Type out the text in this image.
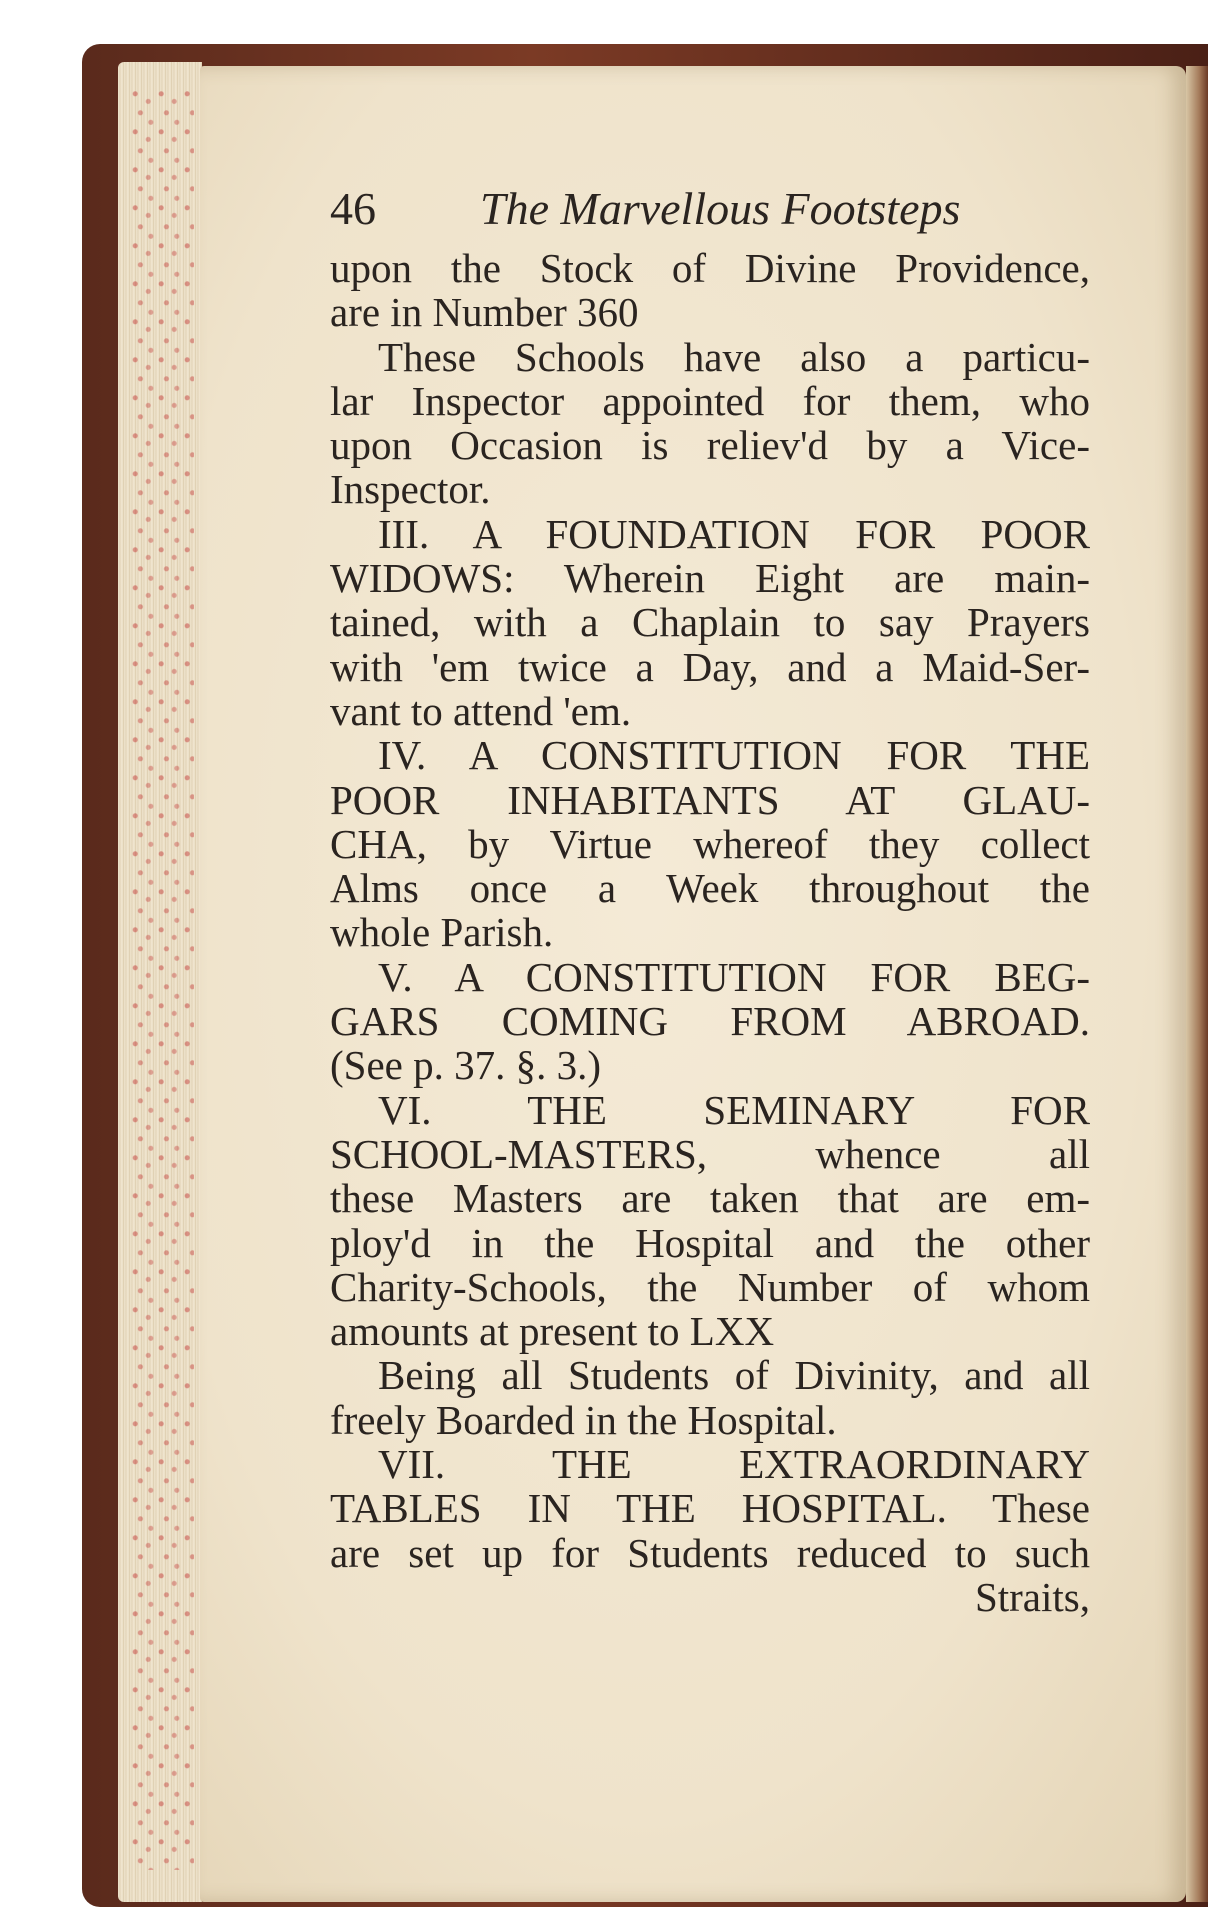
46	The Marvellous Footsteps
upon the Stock of Divine Providence,
are in Number 360
These Schools have also a particu-
lar Inspector appointed for them, who
upon Occasion is reliev'd by a Vice-
Inspector.
III. A FOUNDATION FOR POOR
WIDOWS: Wherein Eight are main-
tained, with a Chaplain to say Prayers
with 'em twice a Day, and a Maid-Ser-
vant to attend 'em.
IV. A CONSTITUTION FOR THE
POOR INHABITANTS AT GLAU-
CHA, by Virtue whereof they collect
Alms once a Week throughout the
whole Parish.
V. A CONSTITUTION FOR BEG-
GARS COMING FROM ABROAD.
(See p. 37. §. 3.)
VI. THE SEMINARY FOR
SCHOOL-MASTERS, whence all
these Masters are taken that are em-
ploy'd in the Hospital and the other
Charity-Schools, the Number of whom
amounts at present to LXX
Being all Students of Divinity, and all
freely Boarded in the Hospital.
VII. THE EXTRAORDINARY
TABLES IN THE HOSPITAL. These
are set up for Students reduced to such
Straits,
